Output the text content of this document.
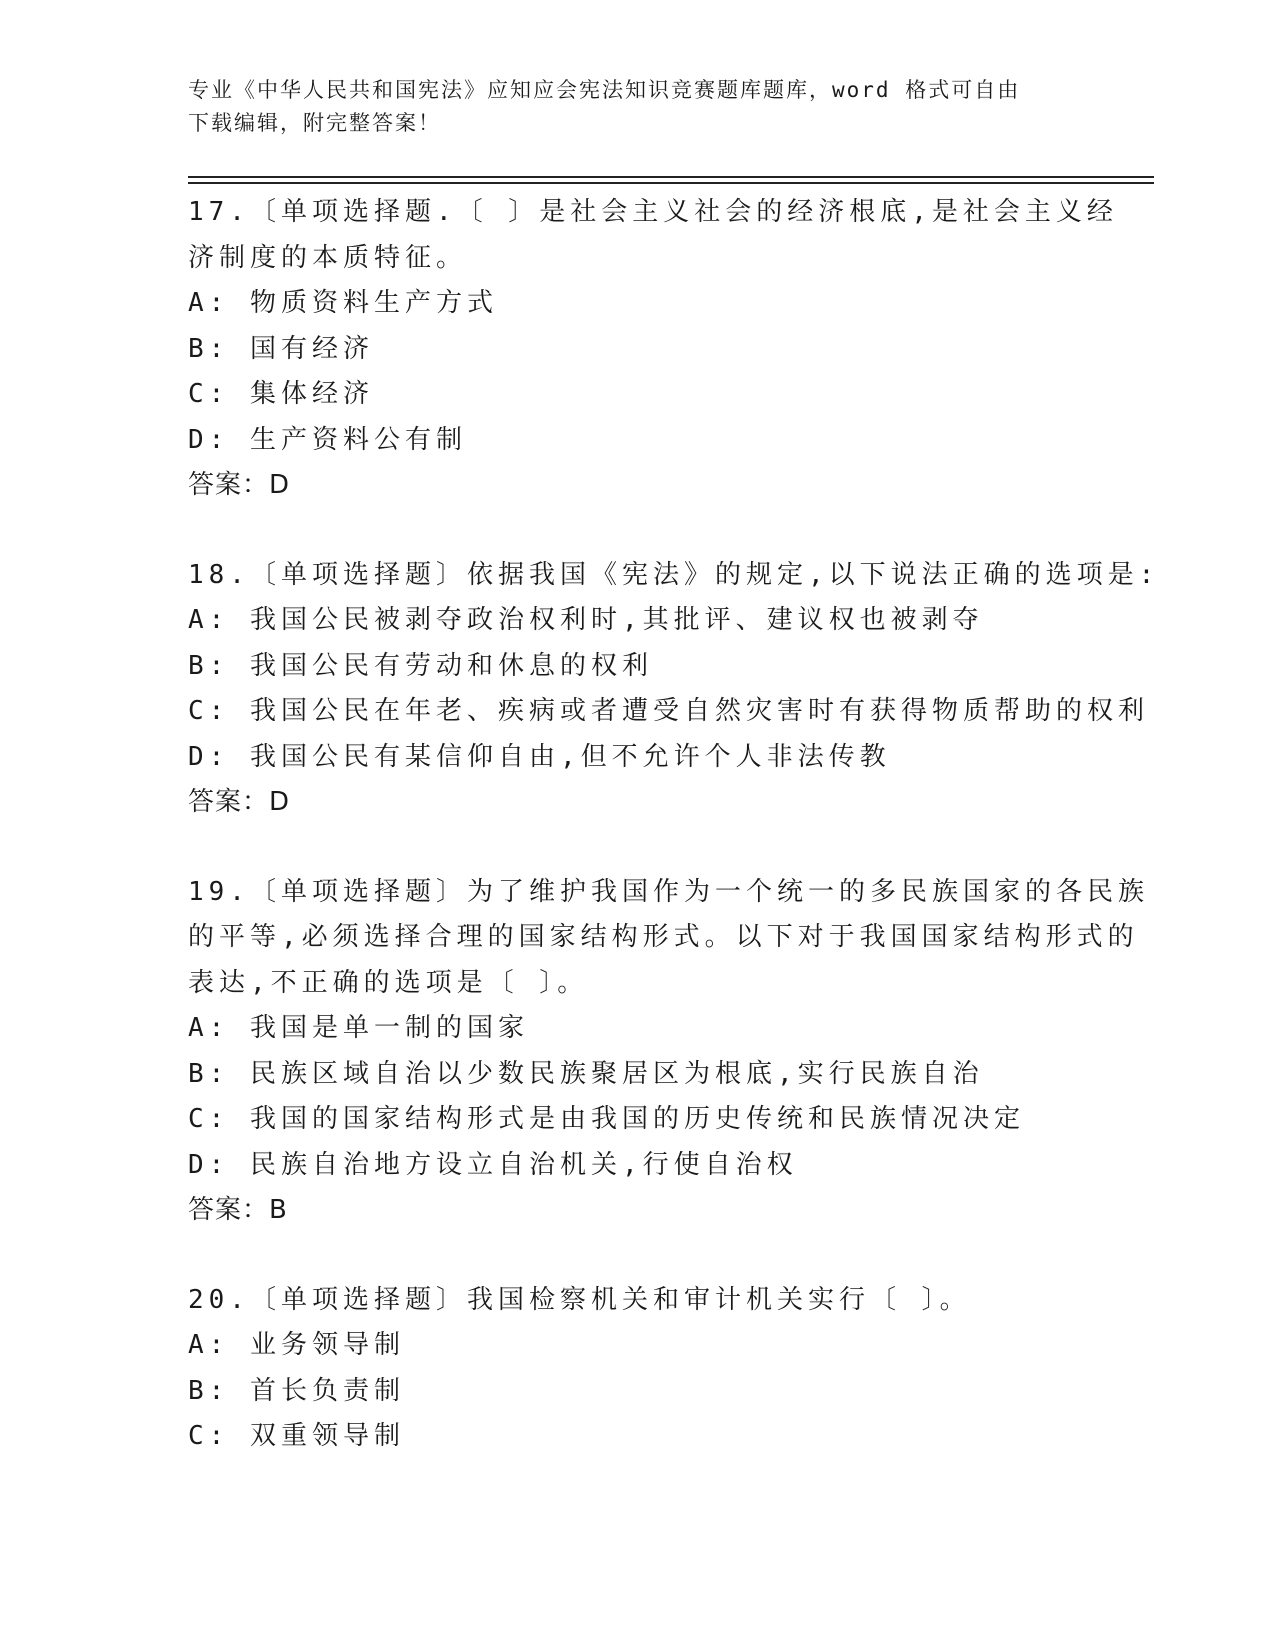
专业《中华人民共和国宪法》应知应会宪法知识竞赛题库题库，word 格式可自由
下载编辑，附完整答案！
17.〔单项选择题.〔 〕是社会主义社会的经济根底,是社会主义经
济制度的本质特征。
A: 物质资料生产方式
B: 国有经济
C: 集体经济
D: 生产资料公有制
答案：D
18.〔单项选择题〕依据我国《宪法》的规定,以下说法正确的选项是:
A: 我国公民被剥夺政治权利时,其批评、建议权也被剥夺
B: 我国公民有劳动和休息的权利
C: 我国公民在年老、疾病或者遭受自然灾害时有获得物质帮助的权利
D: 我国公民有某信仰自由,但不允许个人非法传教
答案：D
19.〔单项选择题〕为了维护我国作为一个统一的多民族国家的各民族
的平等,必须选择合理的国家结构形式。以下对于我国国家结构形式的
表达,不正确的选项是〔 〕。
A: 我国是单一制的国家
B: 民族区域自治以少数民族聚居区为根底,实行民族自治
C: 我国的国家结构形式是由我国的历史传统和民族情况决定
D: 民族自治地方设立自治机关,行使自治权
答案：B
20.〔单项选择题〕我国检察机关和审计机关实行〔 〕。
A: 业务领导制
B: 首长负责制
C: 双重领导制
